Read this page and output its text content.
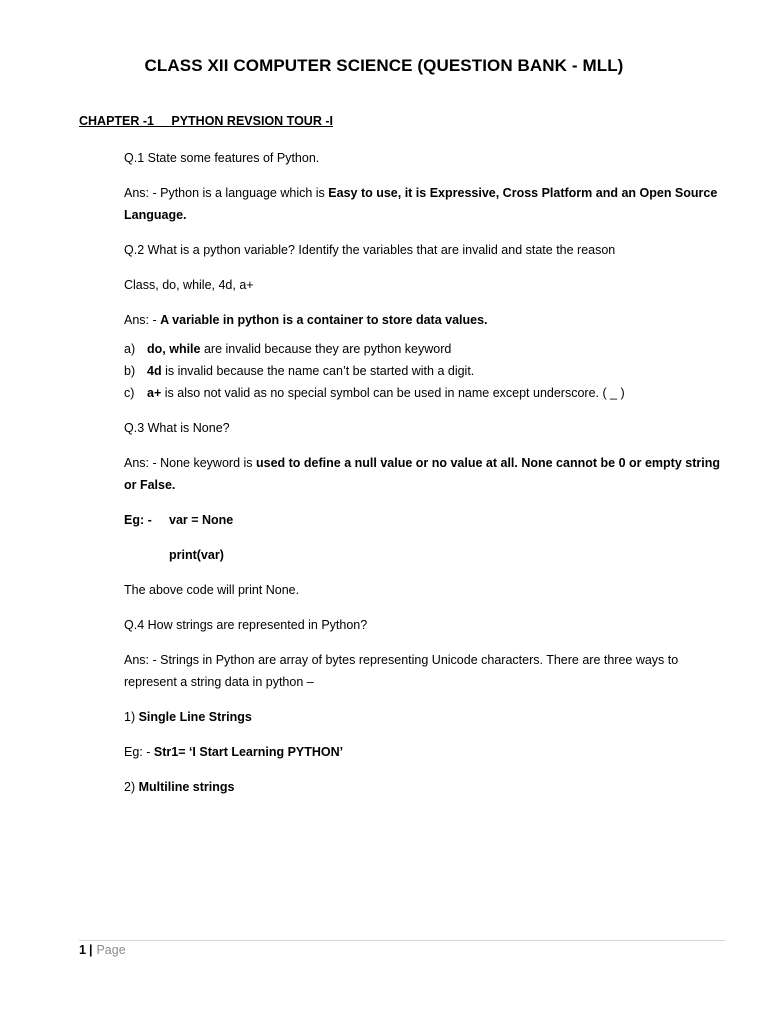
CLASS XII COMPUTER SCIENCE (QUESTION BANK - MLL)
CHAPTER -1     PYTHON REVSION TOUR -I

Q.1 State some features of Python.

Ans: - Python is a language which is Easy to use, it is Expressive, Cross Platform and an Open Source Language.

Q.2 What is a python variable? Identify the variables that are invalid and state the reason

Class, do, while, 4d, a+

Ans: - A variable in python is a container to store data values.

a) do, while are invalid because they are python keyword
b) 4d is invalid because the name can’t be started with a digit.
c)	a+ is also not valid as no special symbol can be used in name except underscore. ( _ )

Q.3 What is None?

Ans: - None keyword is used to define a null value or no value at all. None cannot be 0 or empty string or False.

Eg: -	var = None
print(var)

The above code will print None.

Q.4 How strings are represented in Python?

Ans: - Strings in Python are array of bytes representing Unicode characters. There are three ways to represent a string data in python –

1) Single Line Strings

Eg: - Str1= ‘I Start Learning PYTHON’

2) Multiline strings

1 | Page
